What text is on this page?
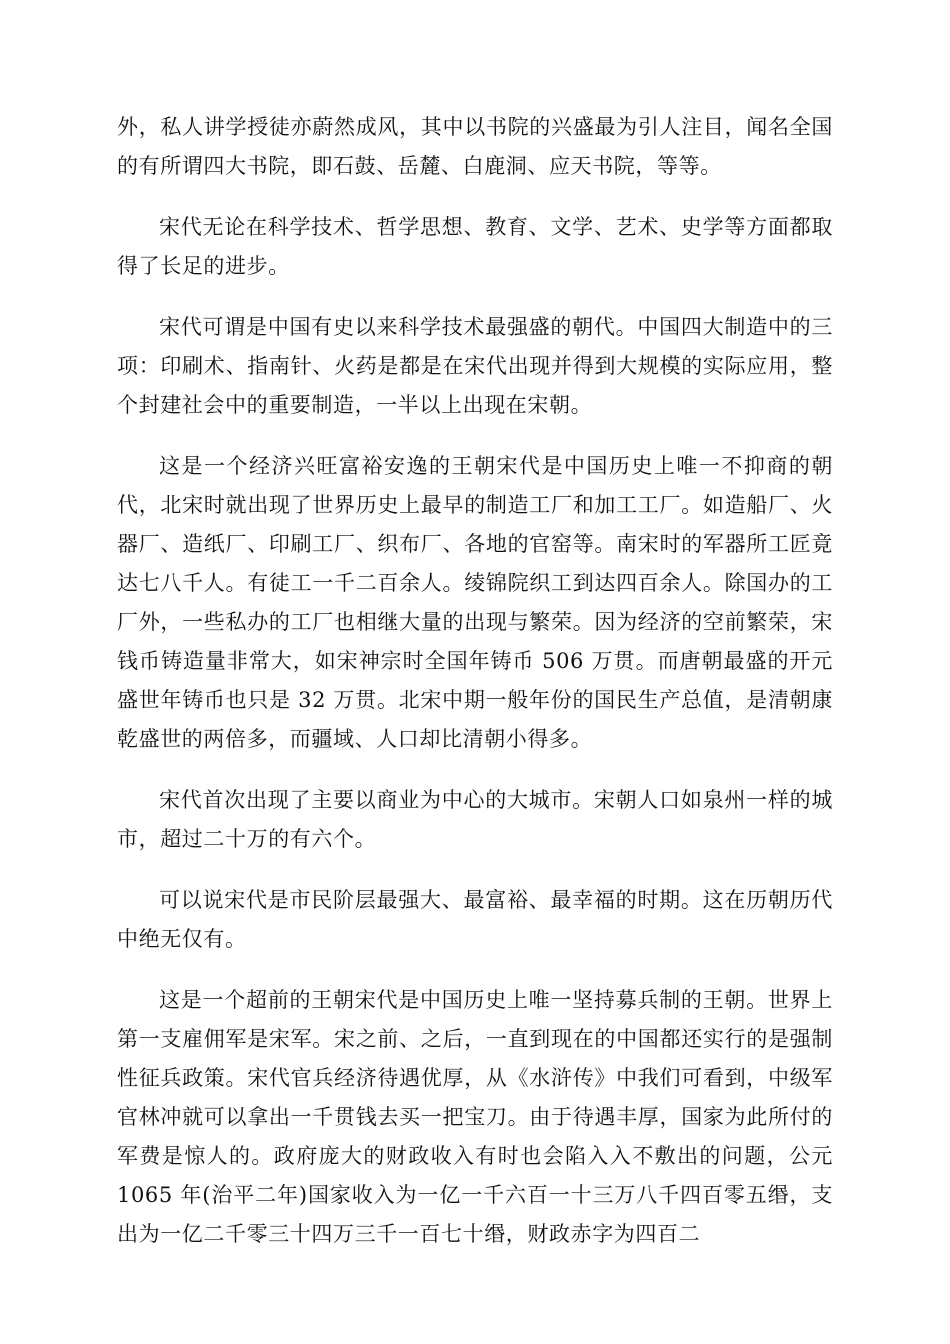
外，私人讲学授徒亦蔚然成风，其中以书院的兴盛最为引人注目，闻名全国的有所谓四大书院，即石鼓、岳麓、白鹿洞、应天书院，等等。

宋代无论在科学技术、哲学思想、教育、文学、艺术、史学等方面都取得了长足的进步。

宋代可谓是中国有史以来科学技术最强盛的朝代。中国四大制造中的三项：印刷术、指南针、火药是都是在宋代出现并得到大规模的实际应用，整个封建社会中的重要制造，一半以上出现在宋朝。

这是一个经济兴旺富裕安逸的王朝宋代是中国历史上唯一不抑商的朝代，北宋时就出现了世界历史上最早的制造工厂和加工工厂。如造船厂、火器厂、造纸厂、印刷工厂、织布厂、各地的官窑等。南宋时的军器所工匠竟达七八千人。有徒工一千二百余人。绫锦院织工到达四百余人。除国办的工厂外，一些私办的工厂也相继大量的出现与繁荣。因为经济的空前繁荣，宋钱币铸造量非常大，如宋神宗时全国年铸币 506 万贯。而唐朝最盛的开元盛世年铸币也只是 32 万贯。北宋中期一般年份的国民生产总值，是清朝康乾盛世的两倍多，而疆域、人口却比清朝小得多。

宋代首次出现了主要以商业为中心的大城市。宋朝人口如泉州一样的城市，超过二十万的有六个。

可以说宋代是市民阶层最强大、最富裕、最幸福的时期。这在历朝历代中绝无仅有。

这是一个超前的王朝宋代是中国历史上唯一坚持募兵制的王朝。世界上第一支雇佣军是宋军。宋之前、之后，一直到现在的中国都还实行的是强制性征兵政策。宋代官兵经济待遇优厚，从《水浒传》中我们可看到，中级军官林冲就可以拿出一千贯钱去买一把宝刀。由于待遇丰厚，国家为此所付的军费是惊人的。政府庞大的财政收入有时也会陷入入不敷出的问题，公元 1065 年(治平二年)国家收入为一亿一千六百一十三万八千四百零五缗，支出为一亿二千零三十四万三千一百七十缗，财政赤字为四百二
